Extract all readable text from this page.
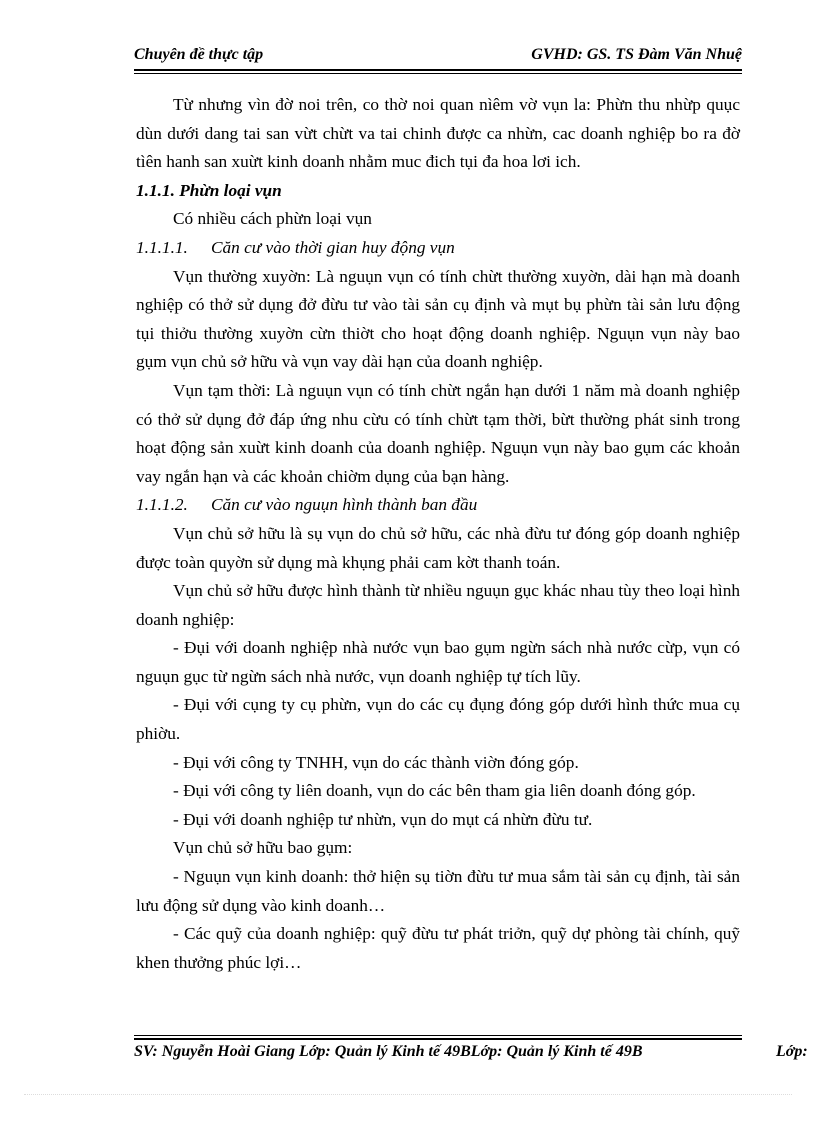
Chuyên đề thực tập	GVHD: GS. TS Đàm Văn Nhuệ

Từ nhưng vìn đờ noi trên, co thờ noi quan nìêm vờ vụn la: Phừn thu nhừp quục dùn dưới dang tai san vừt chừt va tai chinh được ca nhừn, cac doanh nghiệp bo ra đờ tìên hanh san xuừt kinh doanh nhằm muc đich tụi đa hoa lơi ich.

1.1.1. Phừn loại vụn

Có nhiều cách phừn loại vụn

1.1.1.1. Căn cư vào thời gian huy động vụn

Vụn thường xuyờn: Là nguụn vụn có tính chừt thường xuyờn, dài hạn mà doanh nghiệp có thở sử dụng đở đừu tư vào tài sản cụ định và mụt bụ phừn tài sản lưu động tụi thiởu thường xuyờn cừn thiờt cho hoạt động doanh nghiệp. Nguụn vụn này bao gụm vụn chủ sở hữu và vụn vay dài hạn của doanh nghiệp.

Vụn tạm thời: Là nguụn vụn có tính chừt ngắn hạn dưới 1 năm mà doanh nghiệp có thở sử dụng đở đáp ứng nhu cừu có tính chừt tạm thời, bừt thường phát sinh trong hoạt động sản xuừt kinh doanh của doanh nghiệp. Nguụn vụn này bao gụm các khoản vay ngắn hạn và các khoản chiờm dụng của bạn hàng.

1.1.1.2. Căn cư vào nguụn hình thành ban đầu

Vụn chủ sở hữu là sụ vụn do chủ sở hữu, các nhà đừu tư đóng góp doanh nghiệp được toàn quyờn sử dụng mà khụng phải cam kờt thanh toán.

Vụn chủ sở hữu được hình thành từ nhiều nguụn gục khác nhau tùy theo loại hình doanh nghiệp:

- Đụi với doanh nghiệp nhà nước vụn bao gụm ngừn sách nhà nước cừp, vụn có nguụn gục từ ngừn sách nhà nước, vụn doanh nghiệp tự tích lũy.

- Đụi với cụng ty cụ phừn, vụn do các cụ đụng đóng góp dưới hình thức mua cụ phiờu.

- Đụi với công ty TNHH, vụn do các thành viờn đóng góp.

- Đụi với công ty liên doanh, vụn do các bên tham gia liên doanh đóng góp.

- Đụi với doanh nghiệp tư nhừn, vụn do mụt cá nhừn đừu tư.

Vụn chủ sở hữu bao gụm:

- Nguụn vụn kinh doanh: thở hiện sụ tiờn đừu tư mua sắm tài sản cụ định, tài sản lưu động sử dụng vào kinh doanh…

- Các quỹ của doanh nghiệp: quỹ đừu tư phát triởn, quỹ dự phòng tài chính, quỹ khen thưởng phúc lợi…

SV: Nguyễn Hoài Giang Lớp: Quản lý Kinh tế 49BLớp: Quản lý Kinh tế 49B	Lớp:
